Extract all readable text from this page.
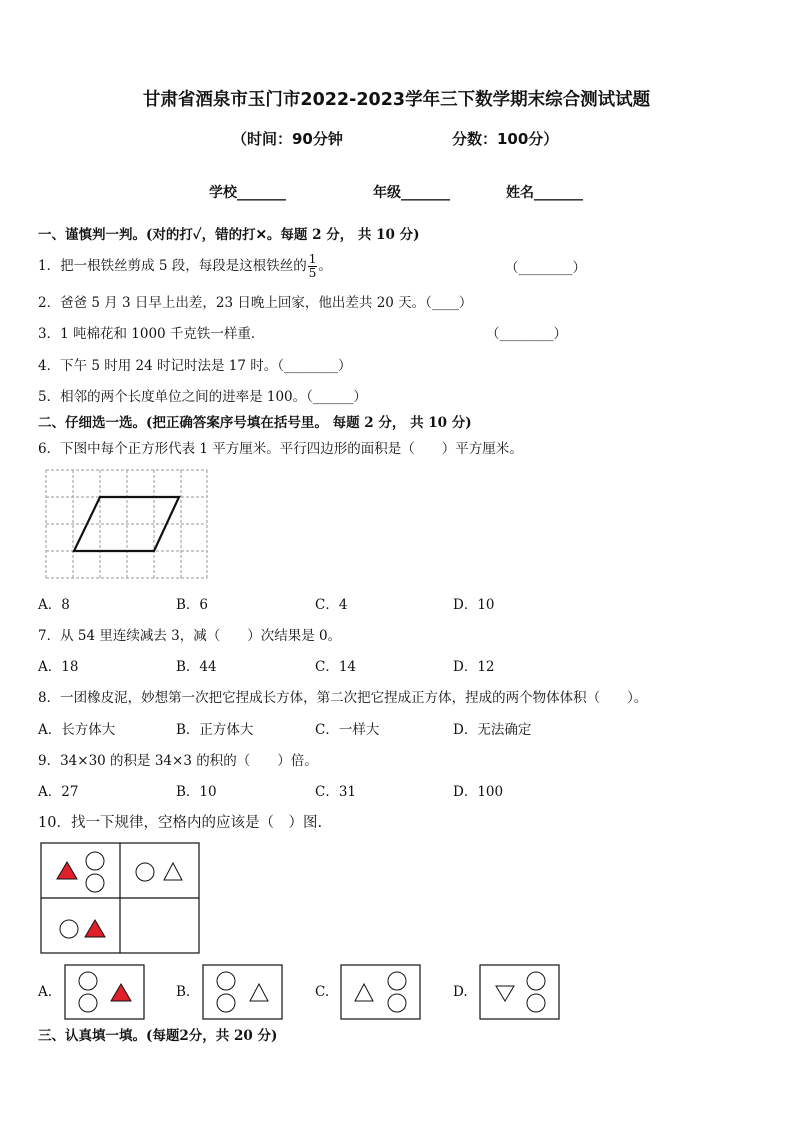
甘肃省酒泉市玉门市2022-2023学年三下数学期末综合测试试题
（时间：90分钟	分数：100分）
学校_______	年级_______	姓名_______
一、谨慎判一判。(对的打✓，错的打✕。每题 2 分， 共 10 分)
1．把一根铁丝剪成 5 段，每段是这根铁丝的 $\frac{1}{5}$ 。	（________）
2．爸爸 5 月 3 日早上出差，23 日晚上回家，他出差共 20 天。（____）
3．1 吨棉花和 1000 千克铁一样重．	（________）
4．下午 5 时用 24 时记时法是 17 时。（________）
5．相邻的两个长度单位之间的进率是 100。（______）
二、仔细选一选。(把正确答案序号填在括号里。 每题 2 分， 共 10 分)
6．下图中每个正方形代表 1 平方厘米。平行四边形的面积是（　　）平方厘米。
A．8	B．6	C．4	D．10
7．从 54 里连续减去 3，减（　　）次结果是 0。
A．18	B．44	C．14	D．12
8．一团橡皮泥，妙想第一次把它捏成长方体，第二次把它捏成正方体，捏成的两个物体体积（　　）。
A．长方体大	B．正方体大	C．一样大	D．无法确定
9．34×30 的积是 34×3 的积的（　　）倍。
A．27	B．10	C．31	D．100
10．找一下规律，空格内的应该是（　）图.
A.	B.	C.	D.
三、认真填一填。(每题2分，共 20 分)
